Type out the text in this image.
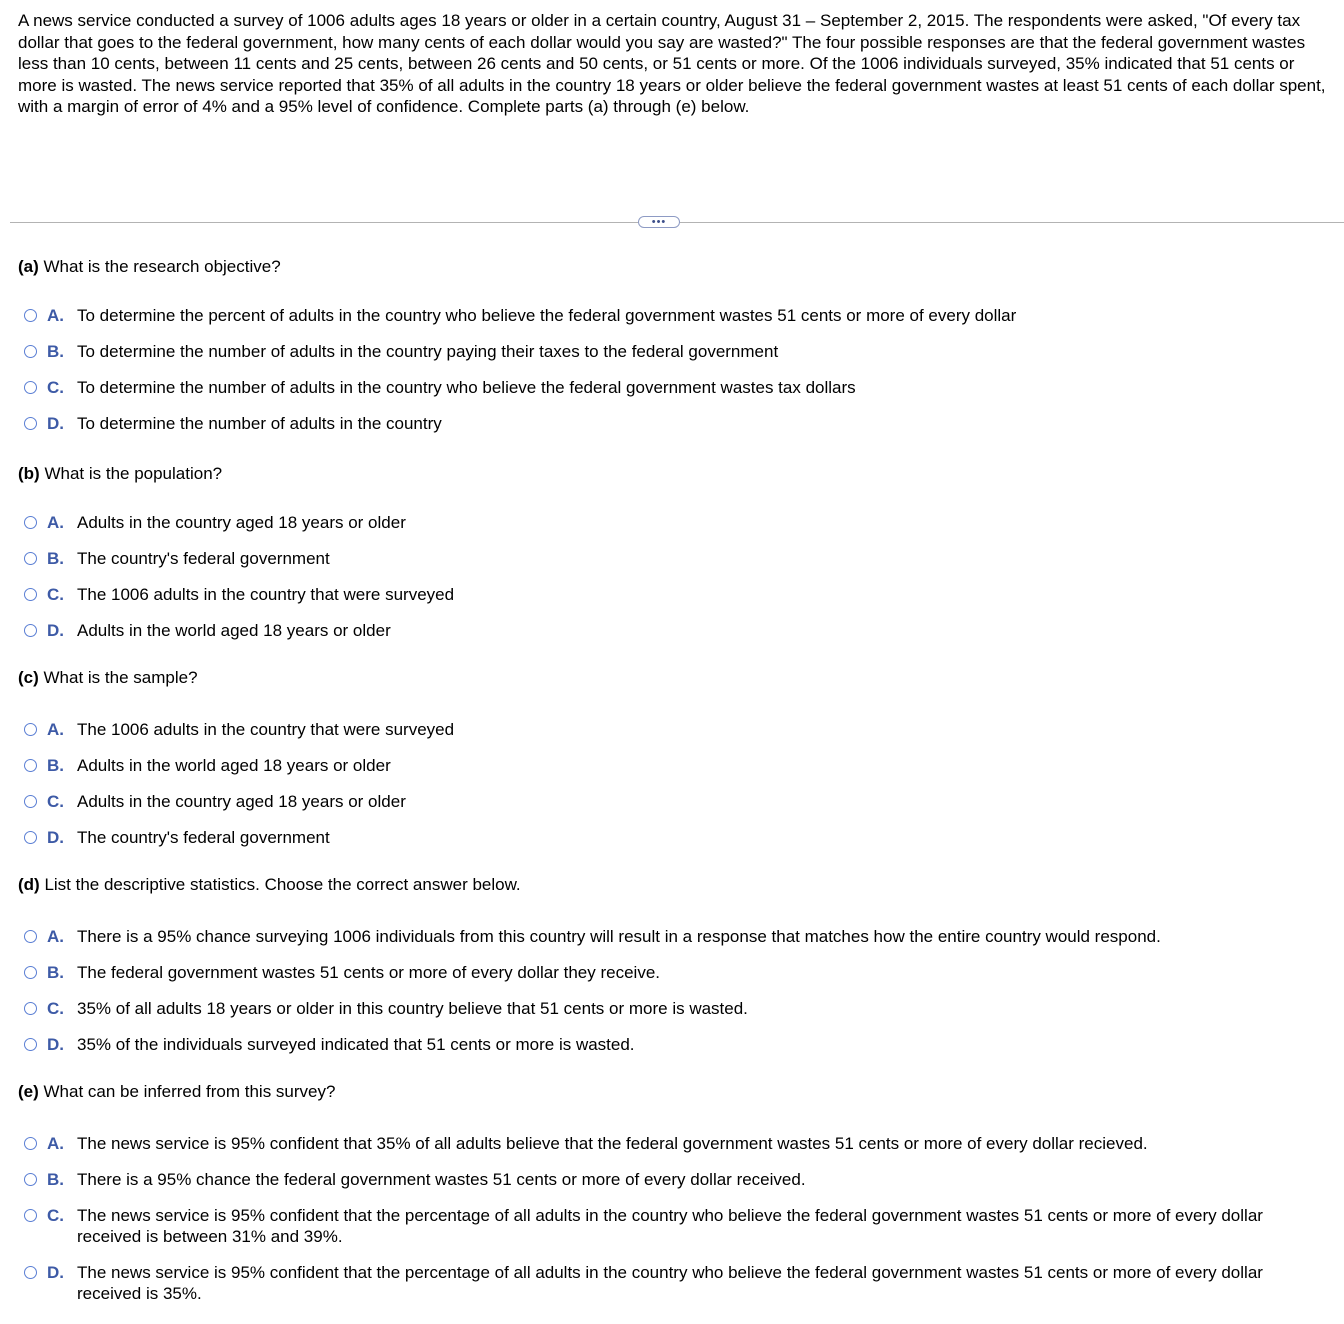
A news service conducted a survey of 1006 adults ages 18 years or older in a certain country, August 31 – September 2, 2015. The respondents were asked, "Of every tax dollar that goes to the federal government, how many cents of each dollar would you say are wasted?" The four possible responses are that the federal government wastes less than 10 cents, between 11 cents and 25 cents, between 26 cents and 50 cents, or 51 cents or more. Of the 1006 individuals surveyed, 35% indicated that 51 cents or more is wasted. The news service reported that 35% of all adults in the country 18 years or older believe the federal government wastes at least 51 cents of each dollar spent, with a margin of error of 4% and a 95% level of confidence. Complete parts (a) through (e) below.
•••
(a) What is the research objective?
A. To determine the percent of adults in the country who believe the federal government wastes 51 cents or more of every dollar
B. To determine the number of adults in the country paying their taxes to the federal government
C. To determine the number of adults in the country who believe the federal government wastes tax dollars
D. To determine the number of adults in the country
(b) What is the population?
A. Adults in the country aged 18 years or older
B. The country's federal government
C. The 1006 adults in the country that were surveyed
D. Adults in the world aged 18 years or older
(c) What is the sample?
A. The 1006 adults in the country that were surveyed
B. Adults in the world aged 18 years or older
C. Adults in the country aged 18 years or older
D. The country's federal government
(d) List the descriptive statistics. Choose the correct answer below.
A. There is a 95% chance surveying 1006 individuals from this country will result in a response that matches how the entire country would respond.
B. The federal government wastes 51 cents or more of every dollar they receive.
C. 35% of all adults 18 years or older in this country believe that 51 cents or more is wasted.
D. 35% of the individuals surveyed indicated that 51 cents or more is wasted.
(e) What can be inferred from this survey?
A. The news service is 95% confident that 35% of all adults believe that the federal government wastes 51 cents or more of every dollar recieved.
B. There is a 95% chance the federal government wastes 51 cents or more of every dollar received.
C. The news service is 95% confident that the percentage of all adults in the country who believe the federal government wastes 51 cents or more of every dollar received is between 31% and 39%.
D. The news service is 95% confident that the percentage of all adults in the country who believe the federal government wastes 51 cents or more of every dollar received is 35%.
